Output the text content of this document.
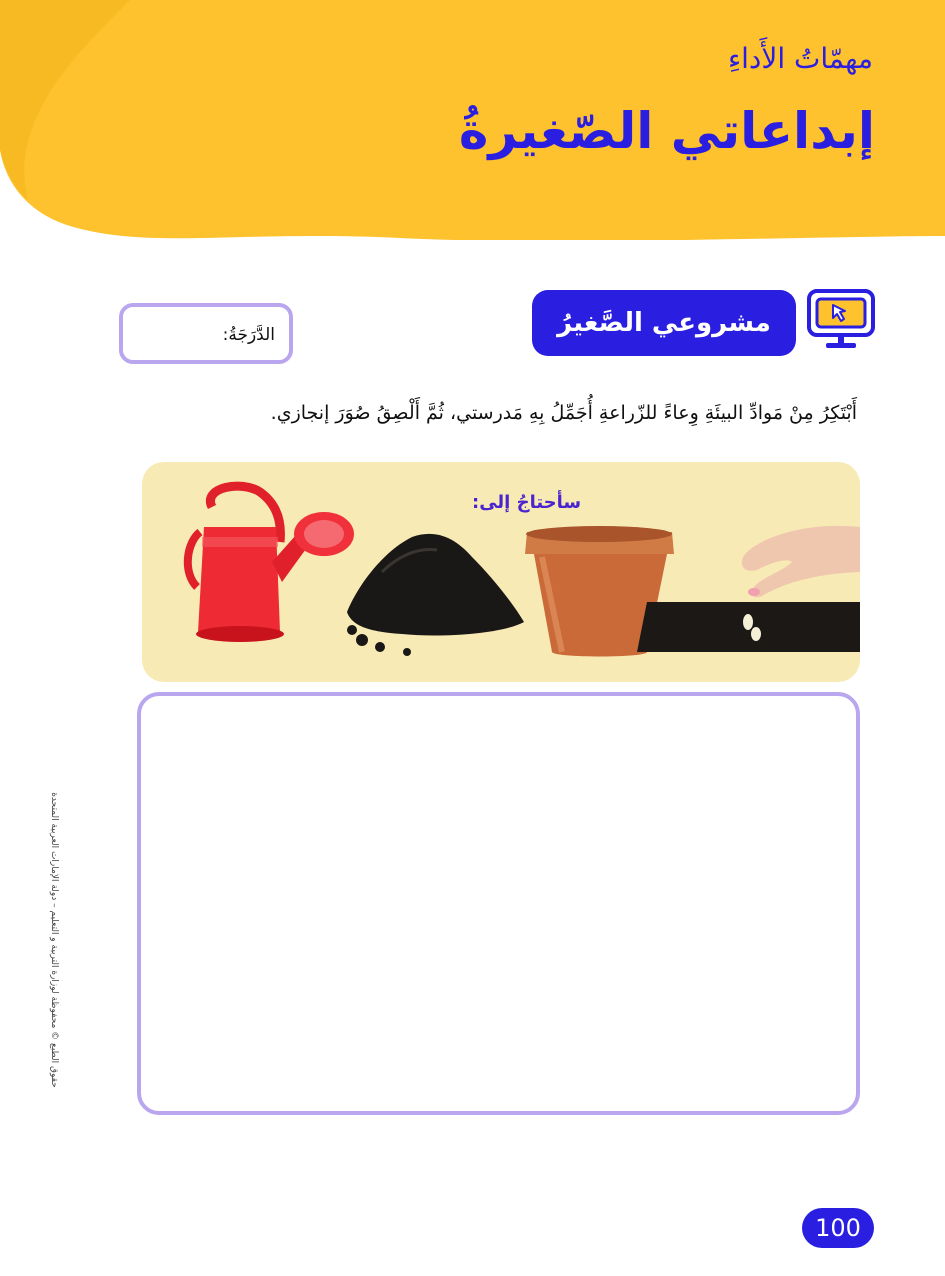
مهمّاتُ الأَداءِ
إبداعاتي الصّغيرةُ
الدَّرَجَةُ:	مشروعي الصَّغيرُ

أَبْتَكِرُ مِنْ مَوادِّ البيئَةِ وِعاءً للزّراعةِ أُجَمِّلُ بِهِ مَدرستي، ثُمَّ أَلْصِقُ صُوَرَ إنجازي.

سأحتاجُ إلى:
حقوق الطبع © محفوظة لوزارة التربية و التعليم – دولة الإمارات العربية المتحدة
100
